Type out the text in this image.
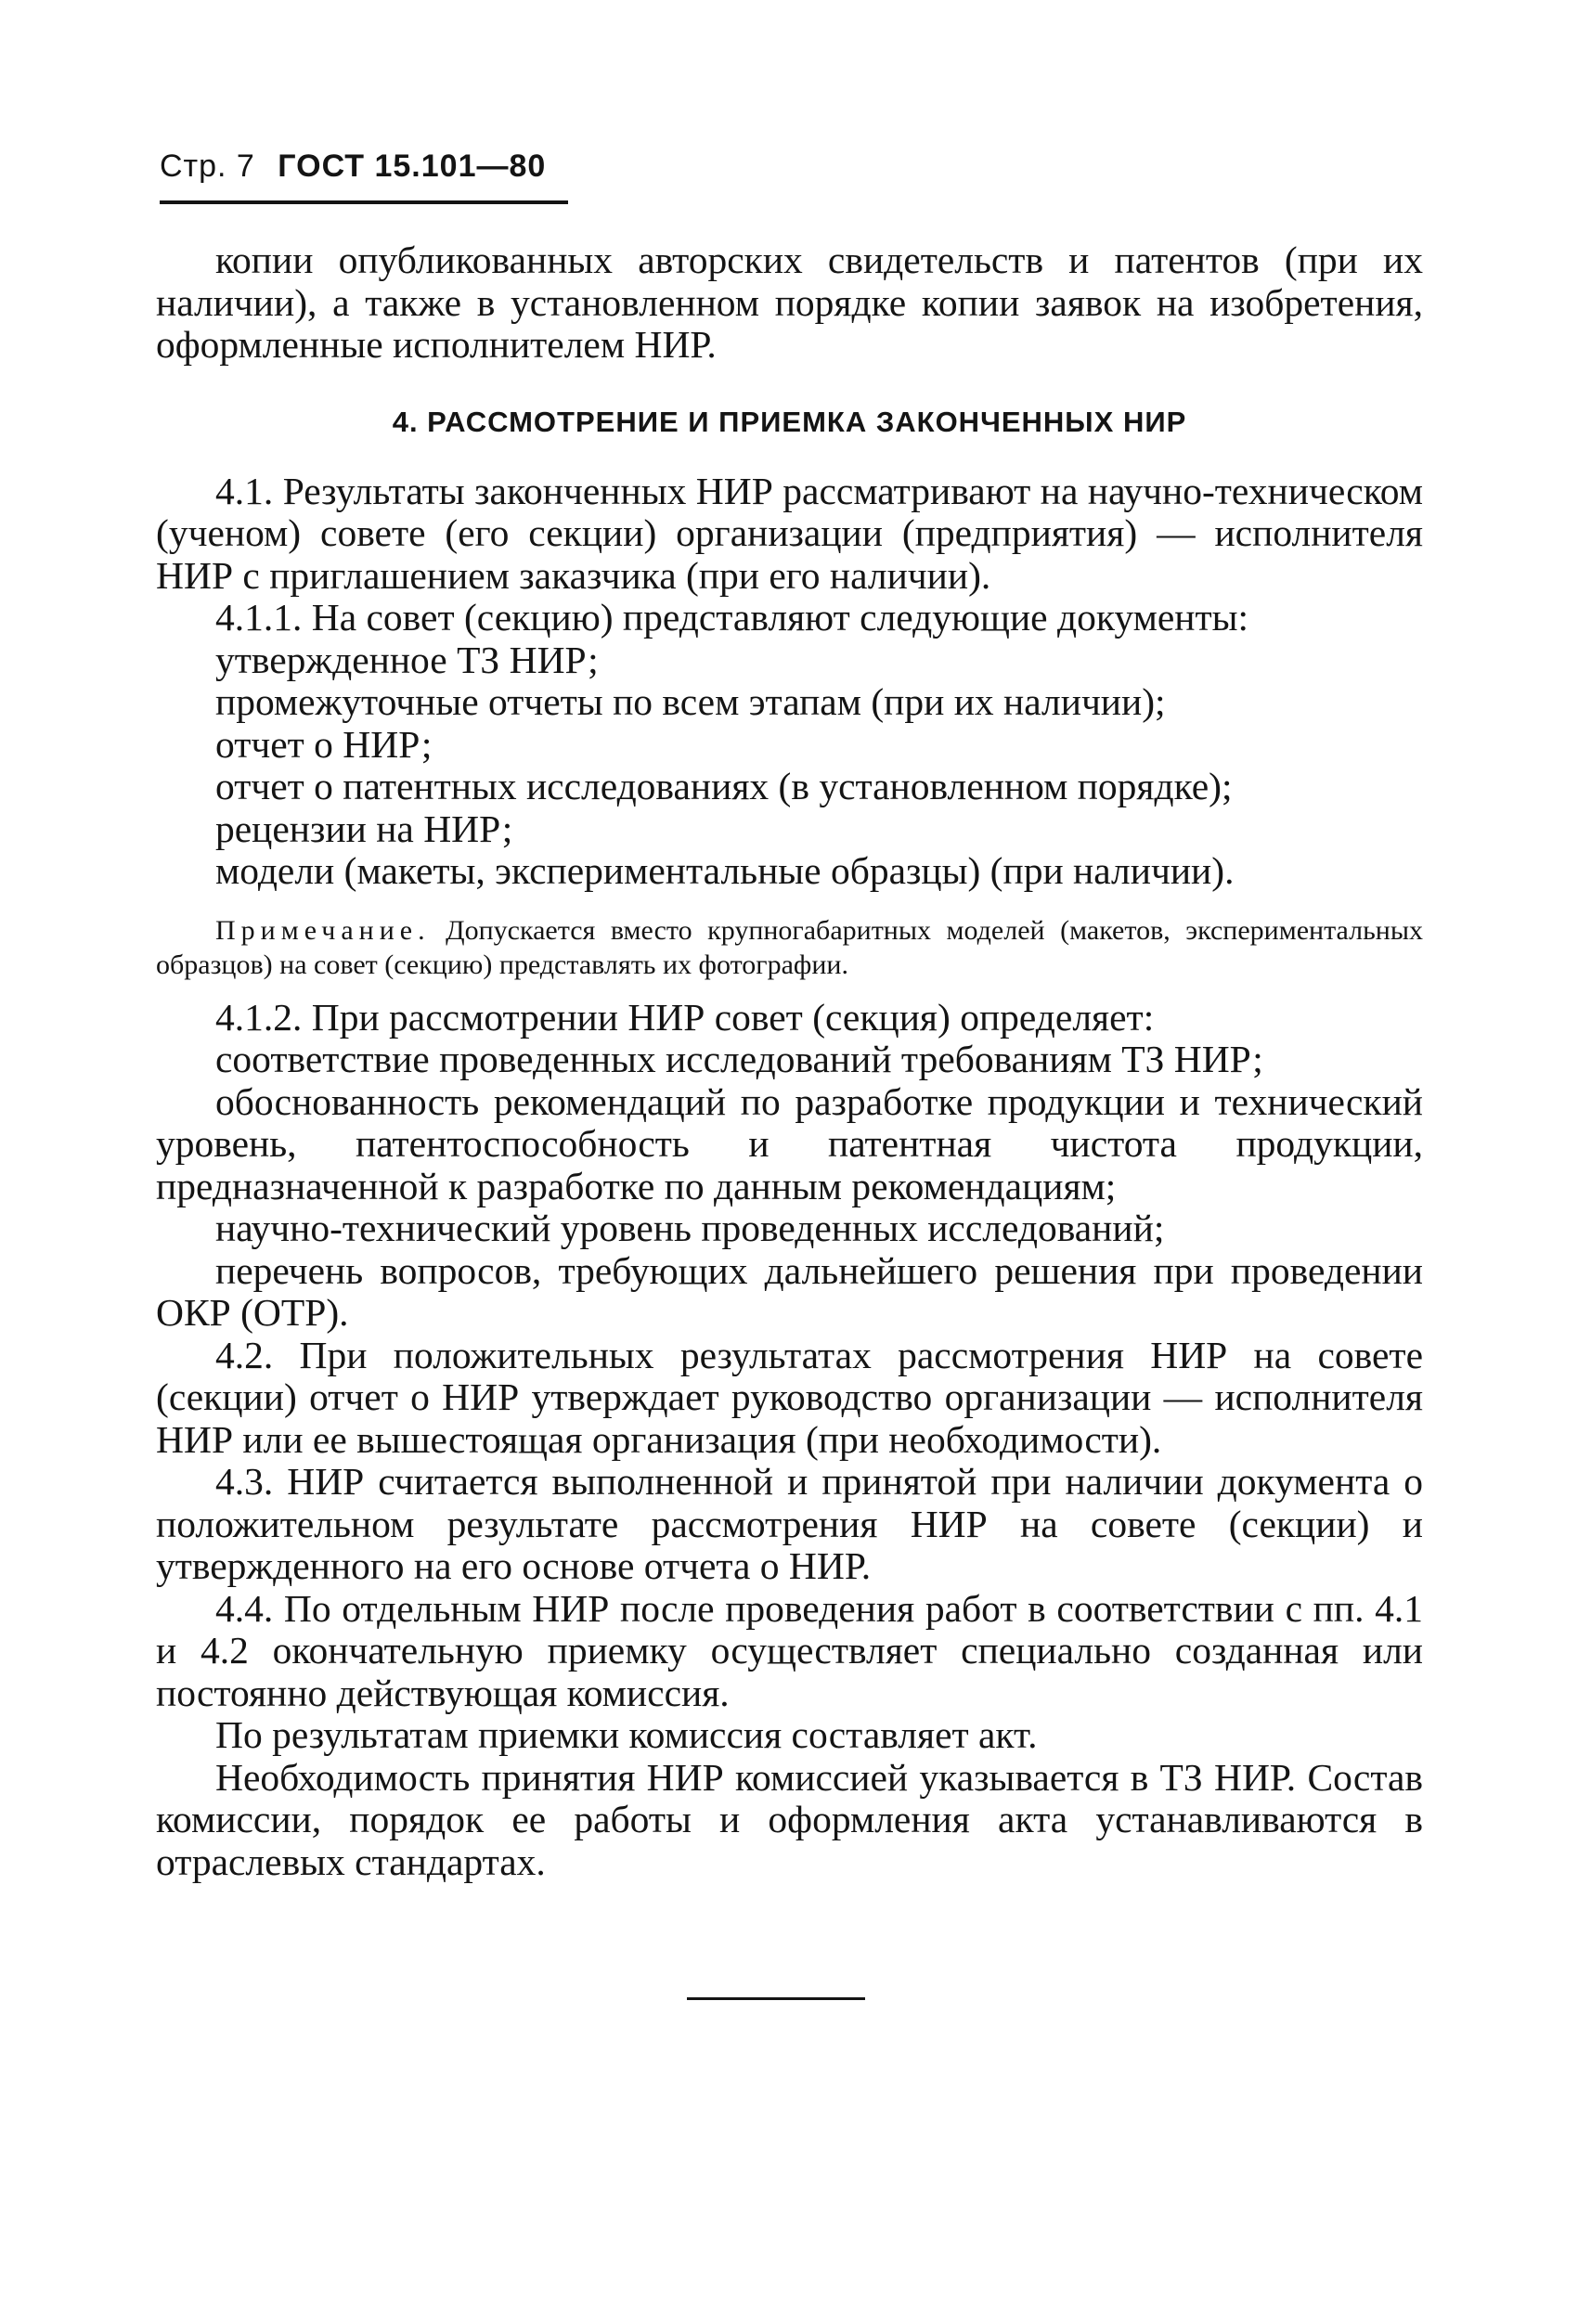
Стр. 7 ГОСТ 15.101—80

копии опубликованных авторских свидетельств и патентов (при их наличии), а также в установленном порядке копии заявок на изобретения, оформленные исполнителем НИР.

4. РАССМОТРЕНИЕ И ПРИЕМКА ЗАКОНЧЕННЫХ НИР

4.1. Результаты законченных НИР рассматривают на научно-техническом (ученом) совете (его секции) организации (предприятия) — исполнителя НИР с приглашением заказчика (при его наличии).

4.1.1. На совет (секцию) представляют следующие документы:

утвержденное ТЗ НИР;

промежуточные отчеты по всем этапам (при их наличии);

отчет о НИР;

отчет о патентных исследованиях (в установленном порядке);

рецензии на НИР;

модели (макеты, экспериментальные образцы) (при наличии).

Примечание. Допускается вместо крупногабаритных моделей (макетов, экспериментальных образцов) на совет (секцию) представлять их фотографии.

4.1.2. При рассмотрении НИР совет (секция) определяет:

соответствие проведенных исследований требованиям ТЗ НИР;

обоснованность рекомендаций по разработке продукции и технический уровень, патентоспособность и патентная чистота продукции, предназначенной к разработке по данным рекомендациям;

научно-технический уровень проведенных исследований;

перечень вопросов, требующих дальнейшего решения при проведении ОКР (ОТР).

4.2. При положительных результатах рассмотрения НИР на совете (секции) отчет о НИР утверждает руководство организации — исполнителя НИР или ее вышестоящая организация (при необходимости).

4.3. НИР считается выполненной и принятой при наличии документа о положительном результате рассмотрения НИР на совете (секции) и утвержденного на его основе отчета о НИР.

4.4. По отдельным НИР после проведения работ в соответствии с пп. 4.1 и 4.2 окончательную приемку осуществляет специально созданная или постоянно действующая комиссия.

По результатам приемки комиссия составляет акт.

Необходимость принятия НИР комиссией указывается в ТЗ НИР. Состав комиссии, порядок ее работы и оформления акта устанавливаются в отраслевых стандартах.
